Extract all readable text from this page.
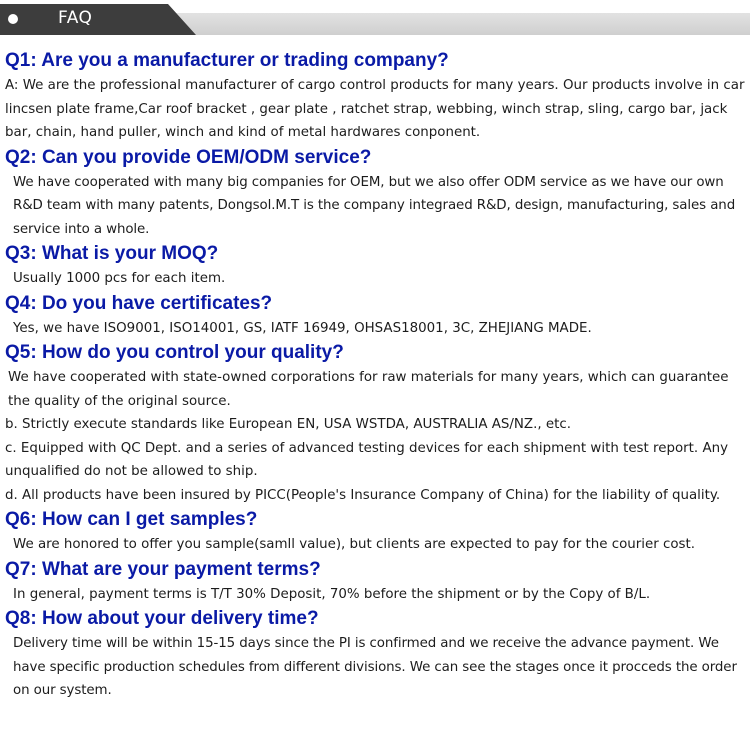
FAQ
Q1: Are you a manufacturer or trading company?

A: We are the professional manufacturer of cargo control products for many years. Our products involve in car lincsen plate frame,Car roof bracket , gear plate , ratchet strap, webbing, winch strap, sling, cargo bar, jack bar, chain, hand puller, winch and kind of metal hardwares conponent.

Q2: Can you provide OEM/ODM service?

We have cooperated with many big companies for OEM, but we also offer ODM service as we have our own R&D team with many patents, Dongsol.M.T is the company integraed R&D, design, manufacturing, sales and service into a whole.

Q3: What is your MOQ?

Usually 1000 pcs for each item.

Q4: Do you have certificates?

Yes, we have ISO9001, ISO14001, GS, IATF 16949, OHSAS18001, 3C, ZHEJIANG MADE.

Q5: How do you control your quality?

We have cooperated with state-owned corporations for raw materials for many years, which can guarantee the quality of the original source.

b. Strictly execute standards like European EN, USA WSTDA, AUSTRALIA AS/NZ., etc.

c. Equipped with QC Dept. and a series of advanced testing devices for each shipment with test report. Any unqualified do not be allowed to ship.

d. All products have been insured by PICC(People's Insurance Company of China) for the liability of quality.

Q6: How can I get samples?

We are honored to offer you sample(samll value), but clients are expected to pay for the courier cost.

Q7: What are your payment terms?

In general, payment terms is T/T 30% Deposit, 70% before the shipment or by the Copy of B/L.

Q8: How about your delivery time?

Delivery time will be within 15-15 days since the PI is confirmed and we receive the advance payment. We have specific production schedules from different divisions. We can see the stages once it procceds the order on our system.
